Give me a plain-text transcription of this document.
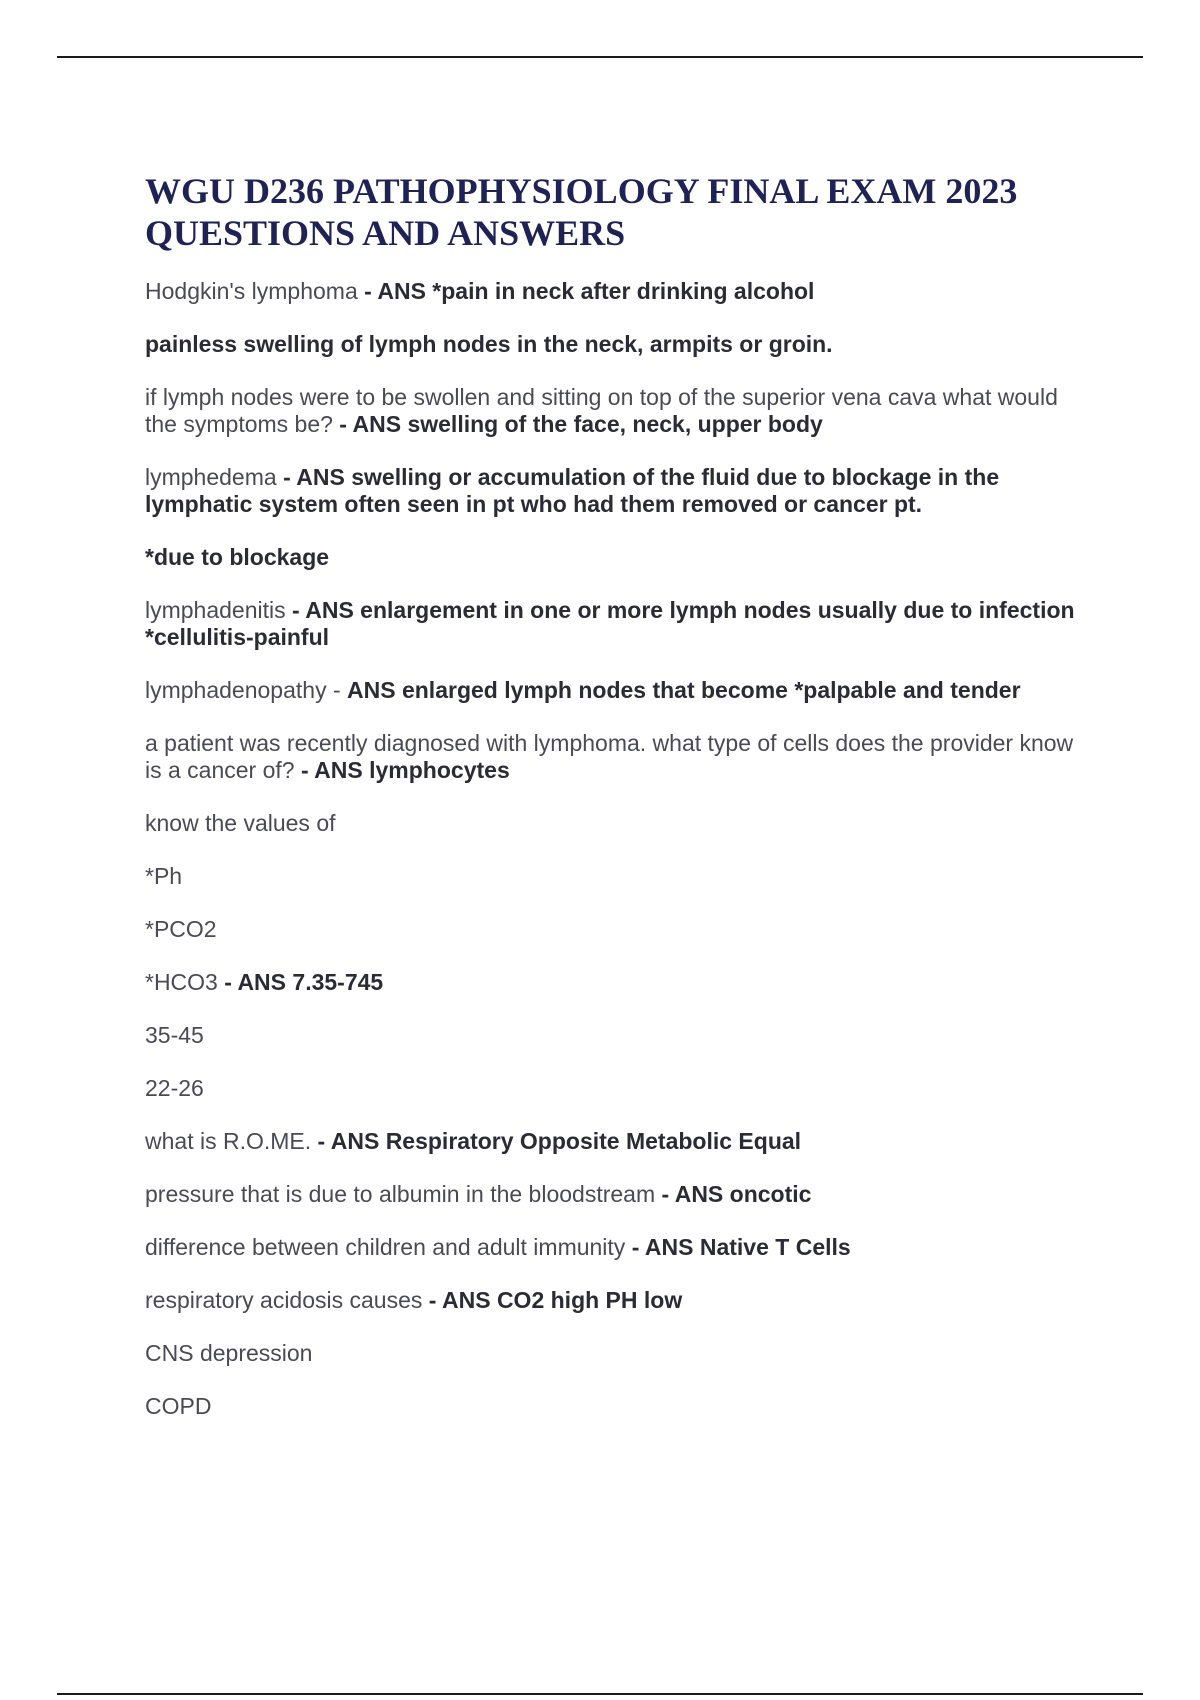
WGU D236 PATHOPHYSIOLOGY FINAL EXAM 2023
QUESTIONS AND ANSWERS

Hodgkin's lymphoma - ANS *pain in neck after drinking alcohol

painless swelling of lymph nodes in the neck, armpits or groin.

if lymph nodes were to be swollen and sitting on top of the superior vena cava what would the symptoms be? - ANS swelling of the face, neck, upper body

lymphedema - ANS swelling or accumulation of the fluid due to blockage in the lymphatic system often seen in pt who had them removed or cancer pt.

*due to blockage

lymphadenitis - ANS enlargement in one or more lymph nodes usually due to infection *cellulitis-painful

lymphadenopathy - ANS enlarged lymph nodes that become *palpable and tender

a patient was recently diagnosed with lymphoma. what type of cells does the provider know is a cancer of? - ANS lymphocytes

know the values of

*Ph

*PCO2

*HCO3 - ANS 7.35-745

35-45

22-26

what is R.O.ME. - ANS Respiratory Opposite Metabolic Equal

pressure that is due to albumin in the bloodstream - ANS oncotic

difference between children and adult immunity - ANS Native T Cells

respiratory acidosis causes - ANS CO2 high PH low

CNS depression

COPD
